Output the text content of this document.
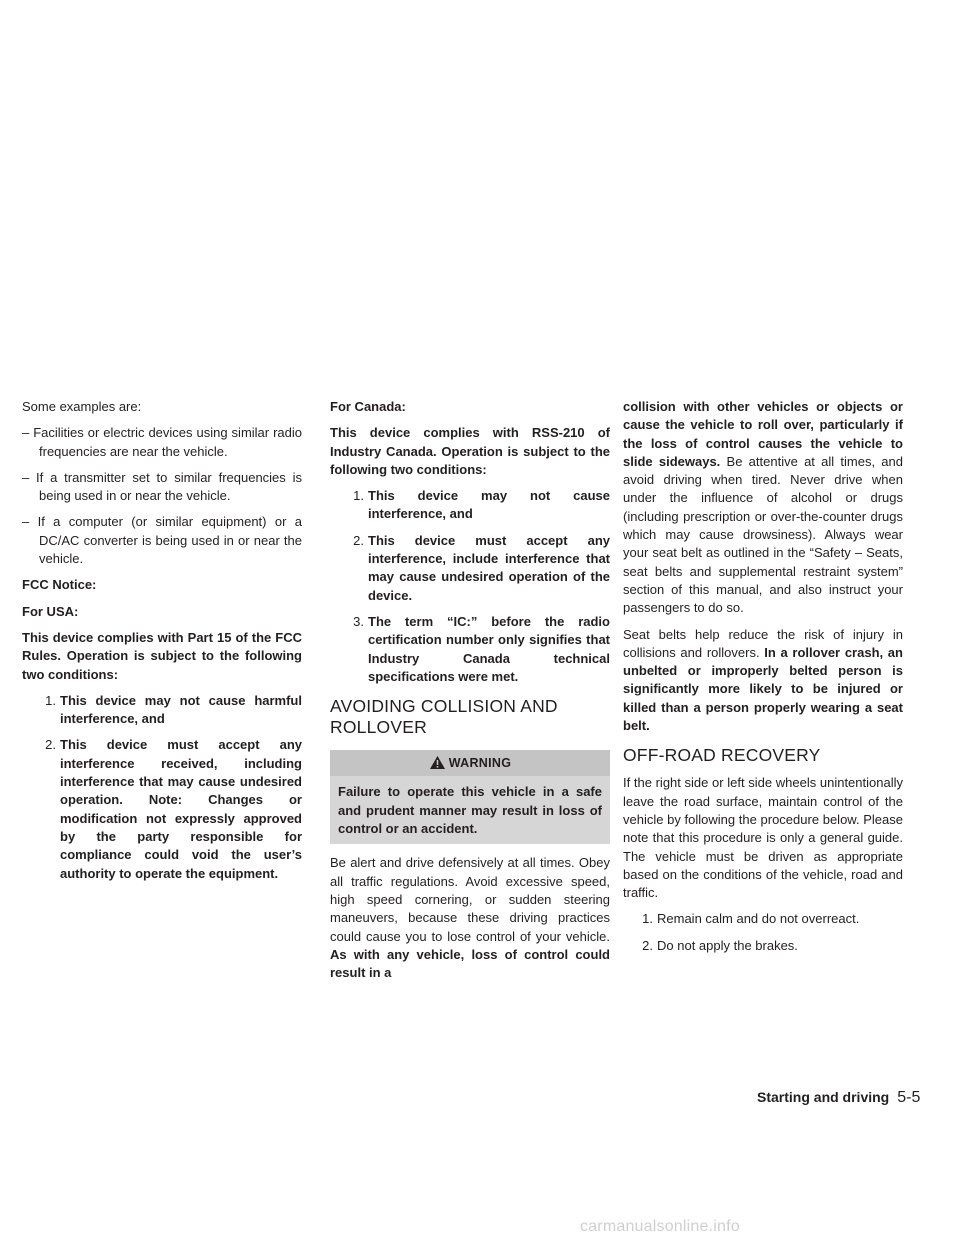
Some examples are:

– Facilities or electric devices using similar radio frequencies are near the vehicle.
– If a transmitter set to similar frequencies is being used in or near the vehicle.
– If a computer (or similar equipment) or a DC/AC converter is being used in or near the vehicle.

FCC Notice:

For USA:

This device complies with Part 15 of the FCC Rules. Operation is subject to the following two conditions:

1. This device may not cause harmful interference, and
2. This device must accept any interference received, including interference that may cause undesired operation. Note: Changes or modification not expressly approved by the party responsible for compliance could void the user’s authority to operate the equipment.

For Canada:

This device complies with RSS-210 of Industry Canada. Operation is subject to the following two conditions:

1. This device may not cause interference, and
2. This device must accept any interference, include interference that may cause undesired operation of the device.
3. The term “IC:” before the radio certification number only signifies that Industry Canada technical specifications were met.
AVOIDING COLLISION AND
ROLLOVER
WARNING
Failure to operate this vehicle in a safe and prudent manner may result in loss of control or an accident.

Be alert and drive defensively at all times. Obey all traffic regulations. Avoid excessive speed, high speed cornering, or sudden steering maneuvers, because these driving practices could cause you to lose control of your vehicle. As with any vehicle, loss of control could result in a

collision with other vehicles or objects or cause the vehicle to roll over, particularly if the loss of control causes the vehicle to slide sideways. Be attentive at all times, and avoid driving when tired. Never drive when under the influence of alcohol or drugs (including prescription or over-the-counter drugs which may cause drowsiness). Always wear your seat belt as outlined in the “Safety – Seats, seat belts and supplemental restraint system” section of this manual, and also instruct your passengers to do so.

Seat belts help reduce the risk of injury in collisions and rollovers. In a rollover crash, an unbelted or improperly belted person is significantly more likely to be injured or killed than a person properly wearing a seat belt.

OFF-ROAD RECOVERY

If the right side or left side wheels unintentionally leave the road surface, maintain control of the vehicle by following the procedure below. Please note that this procedure is only a general guide. The vehicle must be driven as appropriate based on the conditions of the vehicle, road and traffic.

1. Remain calm and do not overreact.
2. Do not apply the brakes.
Starting and driving 5-5
carmanualsonline.info
